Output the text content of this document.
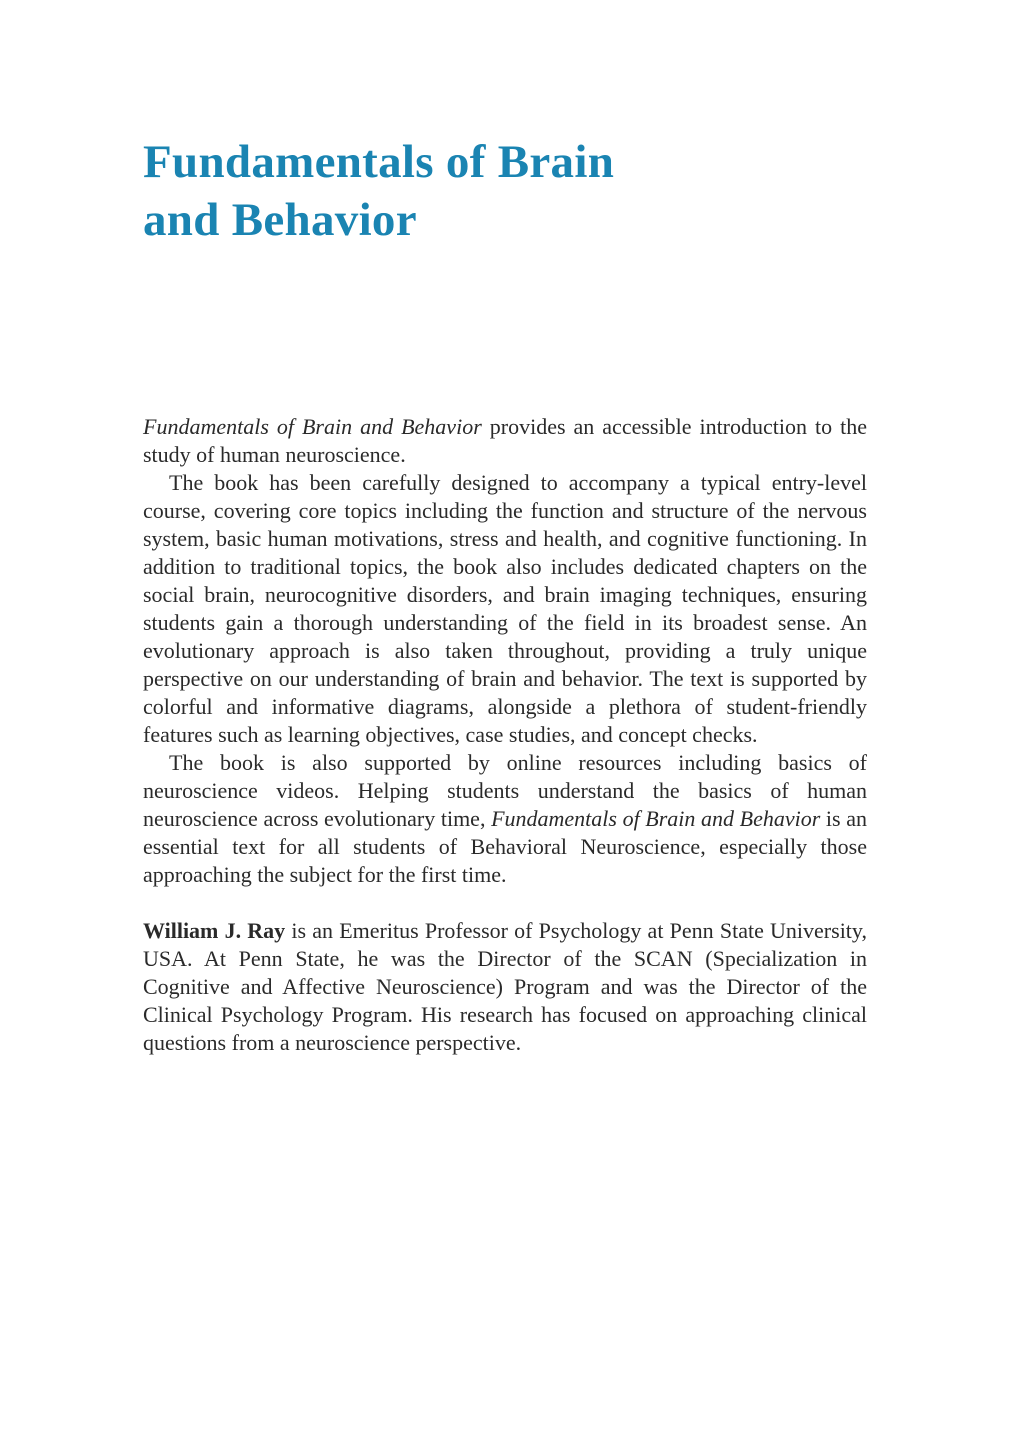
Fundamentals of Brain
and Behavior

Fundamentals of Brain and Behavior provides an accessible introduction to the study of human neuroscience.

The book has been carefully designed to accompany a typical entry-level course, covering core topics including the function and structure of the nervous system, basic human motivations, stress and health, and cognitive functioning. In addition to traditional topics, the book also includes dedicated chapters on the social brain, neurocognitive disorders, and brain imaging techniques, ensuring students gain a thorough understanding of the field in its broadest sense. An evolutionary approach is also taken throughout, providing a truly unique perspective on our understanding of brain and behavior. The text is supported by colorful and informative diagrams, alongside a plethora of student-friendly features such as learning objectives, case studies, and concept checks.

The book is also supported by online resources including basics of neuroscience videos. Helping students understand the basics of human neuroscience across evolutionary time, Fundamentals of Brain and Behavior is an essential text for all students of Behavioral Neuroscience, especially those approaching the subject for the first time.

William J. Ray is an Emeritus Professor of Psychology at Penn State University, USA. At Penn State, he was the Director of the SCAN (Specialization in Cognitive and Affective Neuroscience) Program and was the Director of the Clinical Psychology Program. His research has focused on approaching clinical questions from a neuroscience perspective.
